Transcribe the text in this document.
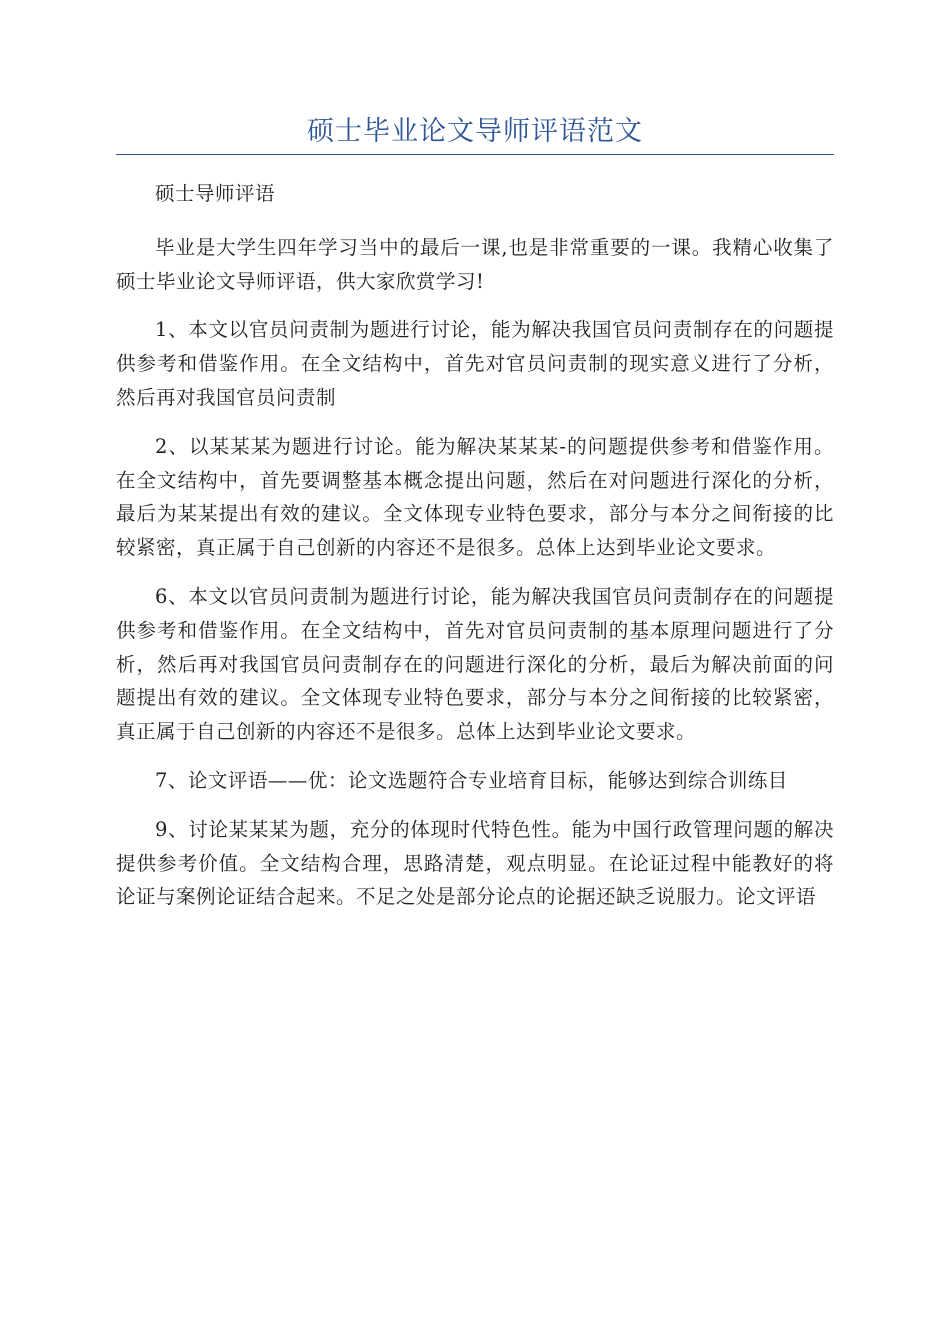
硕士毕业论文导师评语范文

硕士导师评语

毕业是大学生四年学习当中的最后一课,也是非常重要的一课。我精心收集了硕士毕业论文导师评语，供大家欣赏学习!

1、本文以官员问责制为题进行讨论，能为解决我国官员问责制存在的问题提供参考和借鉴作用。在全文结构中，首先对官员问责制的现实意义进行了分析，然后再对我国官员问责制

2、以某某某为题进行讨论。能为解决某某某-的问题提供参考和借鉴作用。在全文结构中，首先要调整基本概念提出问题，然后在对问题进行深化的分析，最后为某某提出有效的建议。全文体现专业特色要求，部分与本分之间衔接的比较紧密，真正属于自己创新的内容还不是很多。总体上达到毕业论文要求。

6、本文以官员问责制为题进行讨论，能为解决我国官员问责制存在的问题提供参考和借鉴作用。在全文结构中，首先对官员问责制的基本原理问题进行了分析，然后再对我国官员问责制存在的问题进行深化的分析，最后为解决前面的问题提出有效的建议。全文体现专业特色要求，部分与本分之间衔接的比较紧密，真正属于自己创新的内容还不是很多。总体上达到毕业论文要求。

7、论文评语——优：论文选题符合专业培育目标，能够达到综合训练目

9、讨论某某某为题，充分的体现时代特色性。能为中国行政管理问题的解决提供参考价值。全文结构合理，思路清楚，观点明显。在论证过程中能教好的将论证与案例论证结合起来。不足之处是部分论点的论据还缺乏说服力。论文评语
